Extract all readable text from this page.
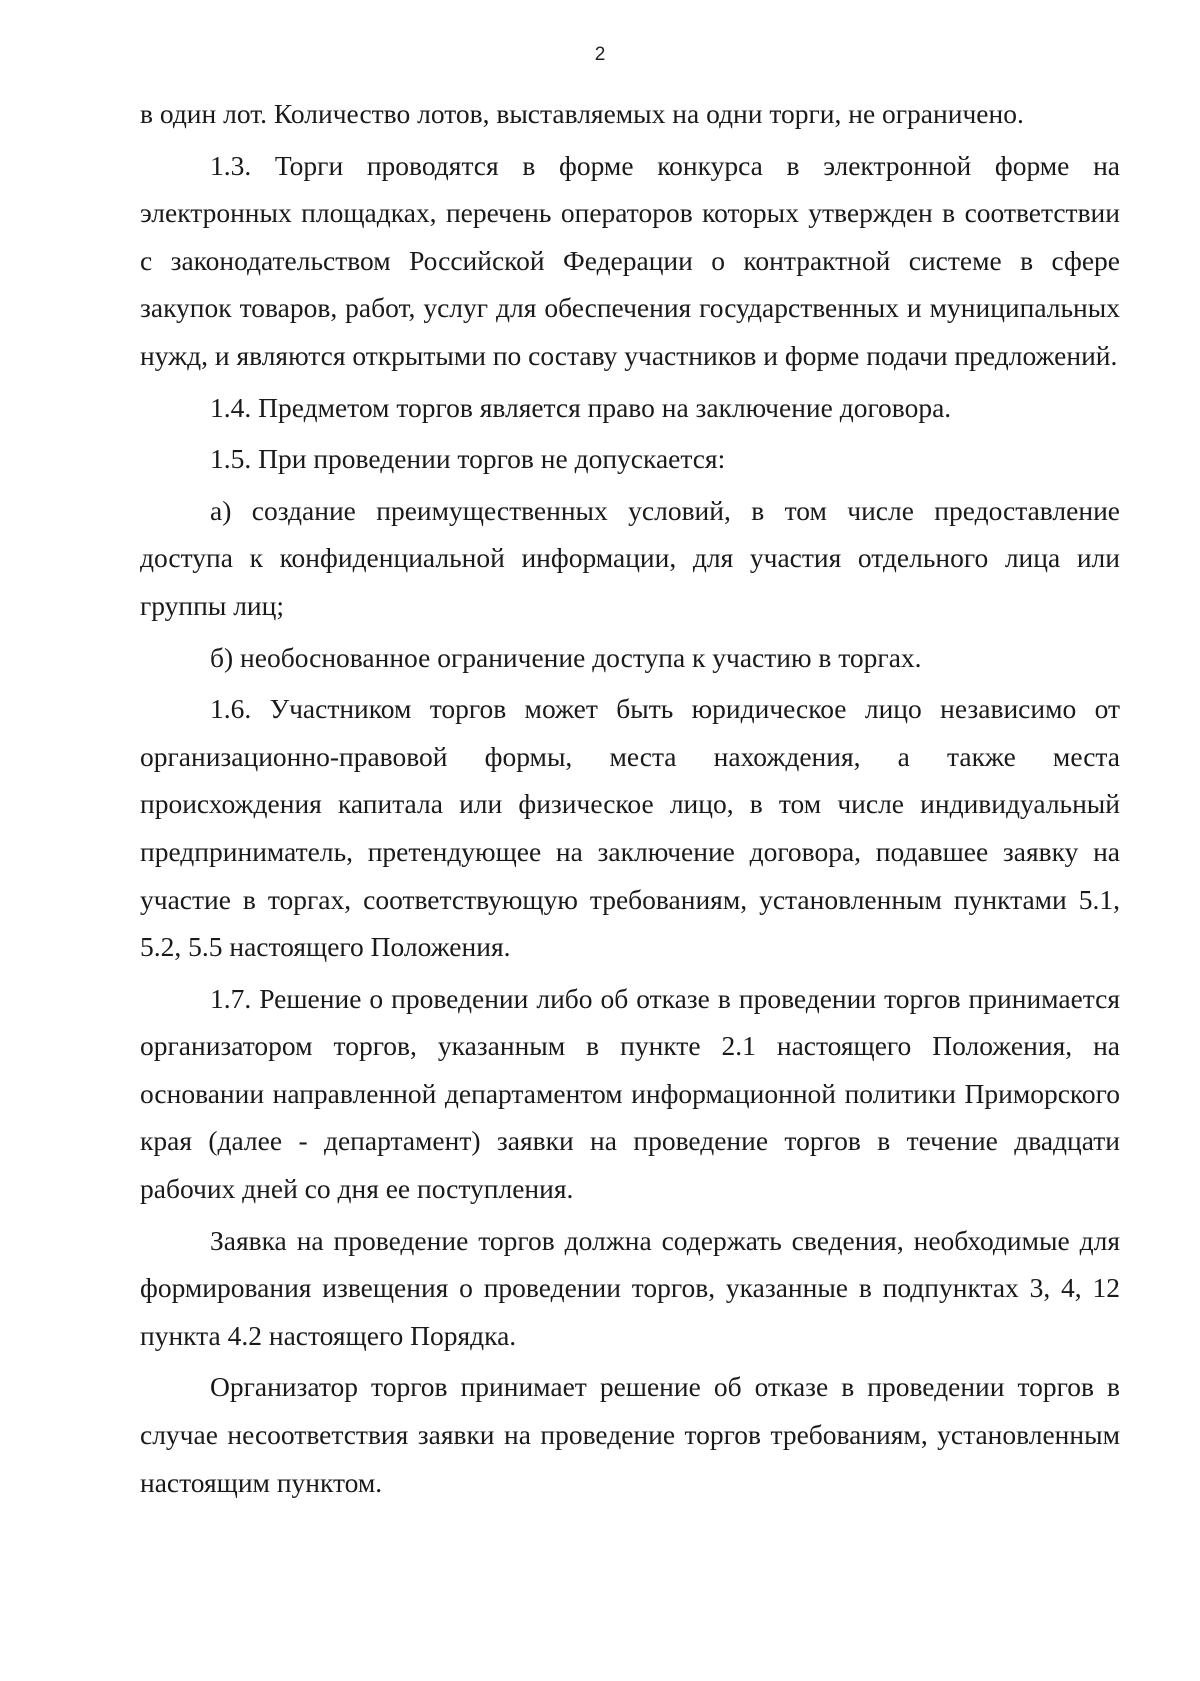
2

в один лот. Количество лотов, выставляемых на одни торги, не ограничено.

1.3. Торги проводятся в форме конкурса в электронной форме на электронных площадках, перечень операторов которых утвержден в соответствии с законодательством Российской Федерации о контрактной системе в сфере закупок товаров, работ, услуг для обеспечения государственных и муниципальных нужд, и являются открытыми по составу участников и форме подачи предложений.

1.4. Предметом торгов является право на заключение договора.

1.5. При проведении торгов не допускается:

а) создание преимущественных условий, в том числе предоставление доступа к конфиденциальной информации, для участия отдельного лица или группы лиц;

б) необоснованное ограничение доступа к участию в торгах.

1.6. Участником торгов может быть юридическое лицо независимо от организационно-правовой формы, места нахождения, а также места происхождения капитала или физическое лицо, в том числе индивидуальный предприниматель, претендующее на заключение договора, подавшее заявку на участие в торгах, соответствующую требованиям, установленным пунктами 5.1, 5.2, 5.5 настоящего Положения.

1.7. Решение о проведении либо об отказе в проведении торгов принимается организатором торгов, указанным в пункте 2.1 настоящего Положения, на основании направленной департаментом информационной политики Приморского края (далее - департамент) заявки на проведение торгов в течение двадцати рабочих дней со дня ее поступления.

Заявка на проведение торгов должна содержать сведения, необходимые для формирования извещения о проведении торгов, указанные в подпунктах 3, 4, 12 пункта 4.2 настоящего Порядка.

Организатор торгов принимает решение об отказе в проведении торгов в случае несоответствия заявки на проведение торгов требованиям, установленным настоящим пунктом.
